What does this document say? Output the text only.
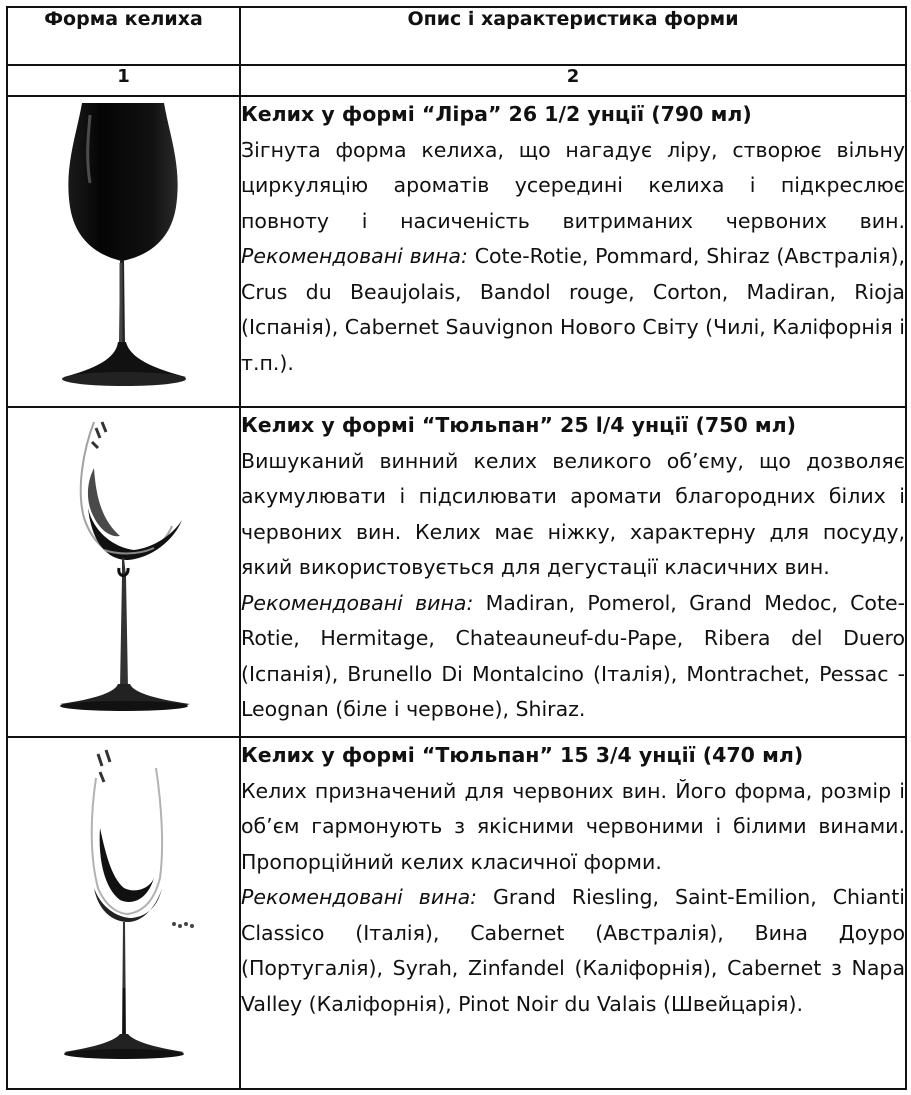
Форма келиха	Опис і характеристика форми
1	2

	Келих у формі “Ліра” 26 1/2 унції (790 мл)
Зігнута форма келиха, що нагадує ліру, створює вільну циркуляцію ароматів усередині келиха і підкреслює повноту і насиченість витриманих червоних вин. Рекомендовані вина: Cote-Rotie, Pommard, Shiraz (Австралія), Crus du Beaujolais, Bandol rouge, Corton, Madiran, Rioja (Іспанія), Cabernet Sauvignon Нового Світу (Чилі, Каліфорнія і т.п.).

	Келих у формі “Тюльпан” 25 l/4 унції (750 мл)
Вишуканий винний келих великого об’єму, що дозволяє акумулювати і підсилювати аромати благородних білих і червоних вин. Келих має ніжку, характерну для посуду, який використовується для дегустації класичних вин.
Рекомендовані вина: Madiran, Pomerol, Grand Medoc, Cote-Rotie, Hermitage, Chateauneuf-du-Pape, Ribera del Duero (Іспанія), Brunello Di Montalcino (Італія), Montrachet, Pessac - Leognan (біле і червоне), Shiraz.

	Келих у формі “Тюльпан” 15 3/4 унції (470 мл)
Келих призначений для червоних вин. Його форма, розмір і об’єм гармонують з якісними червоними і білими винами. Пропорційний келих класичної форми.
Рекомендовані вина: Grand Riesling, Saint-Emilion, Chianti Classico (Італія), Cabernet (Австралія), Вина Доуро (Португалія), Syrah, Zinfandel (Каліфорнія), Cabernet з Napa Valley (Каліфорнія), Pinot Noir du Valais (Швейцарія).
